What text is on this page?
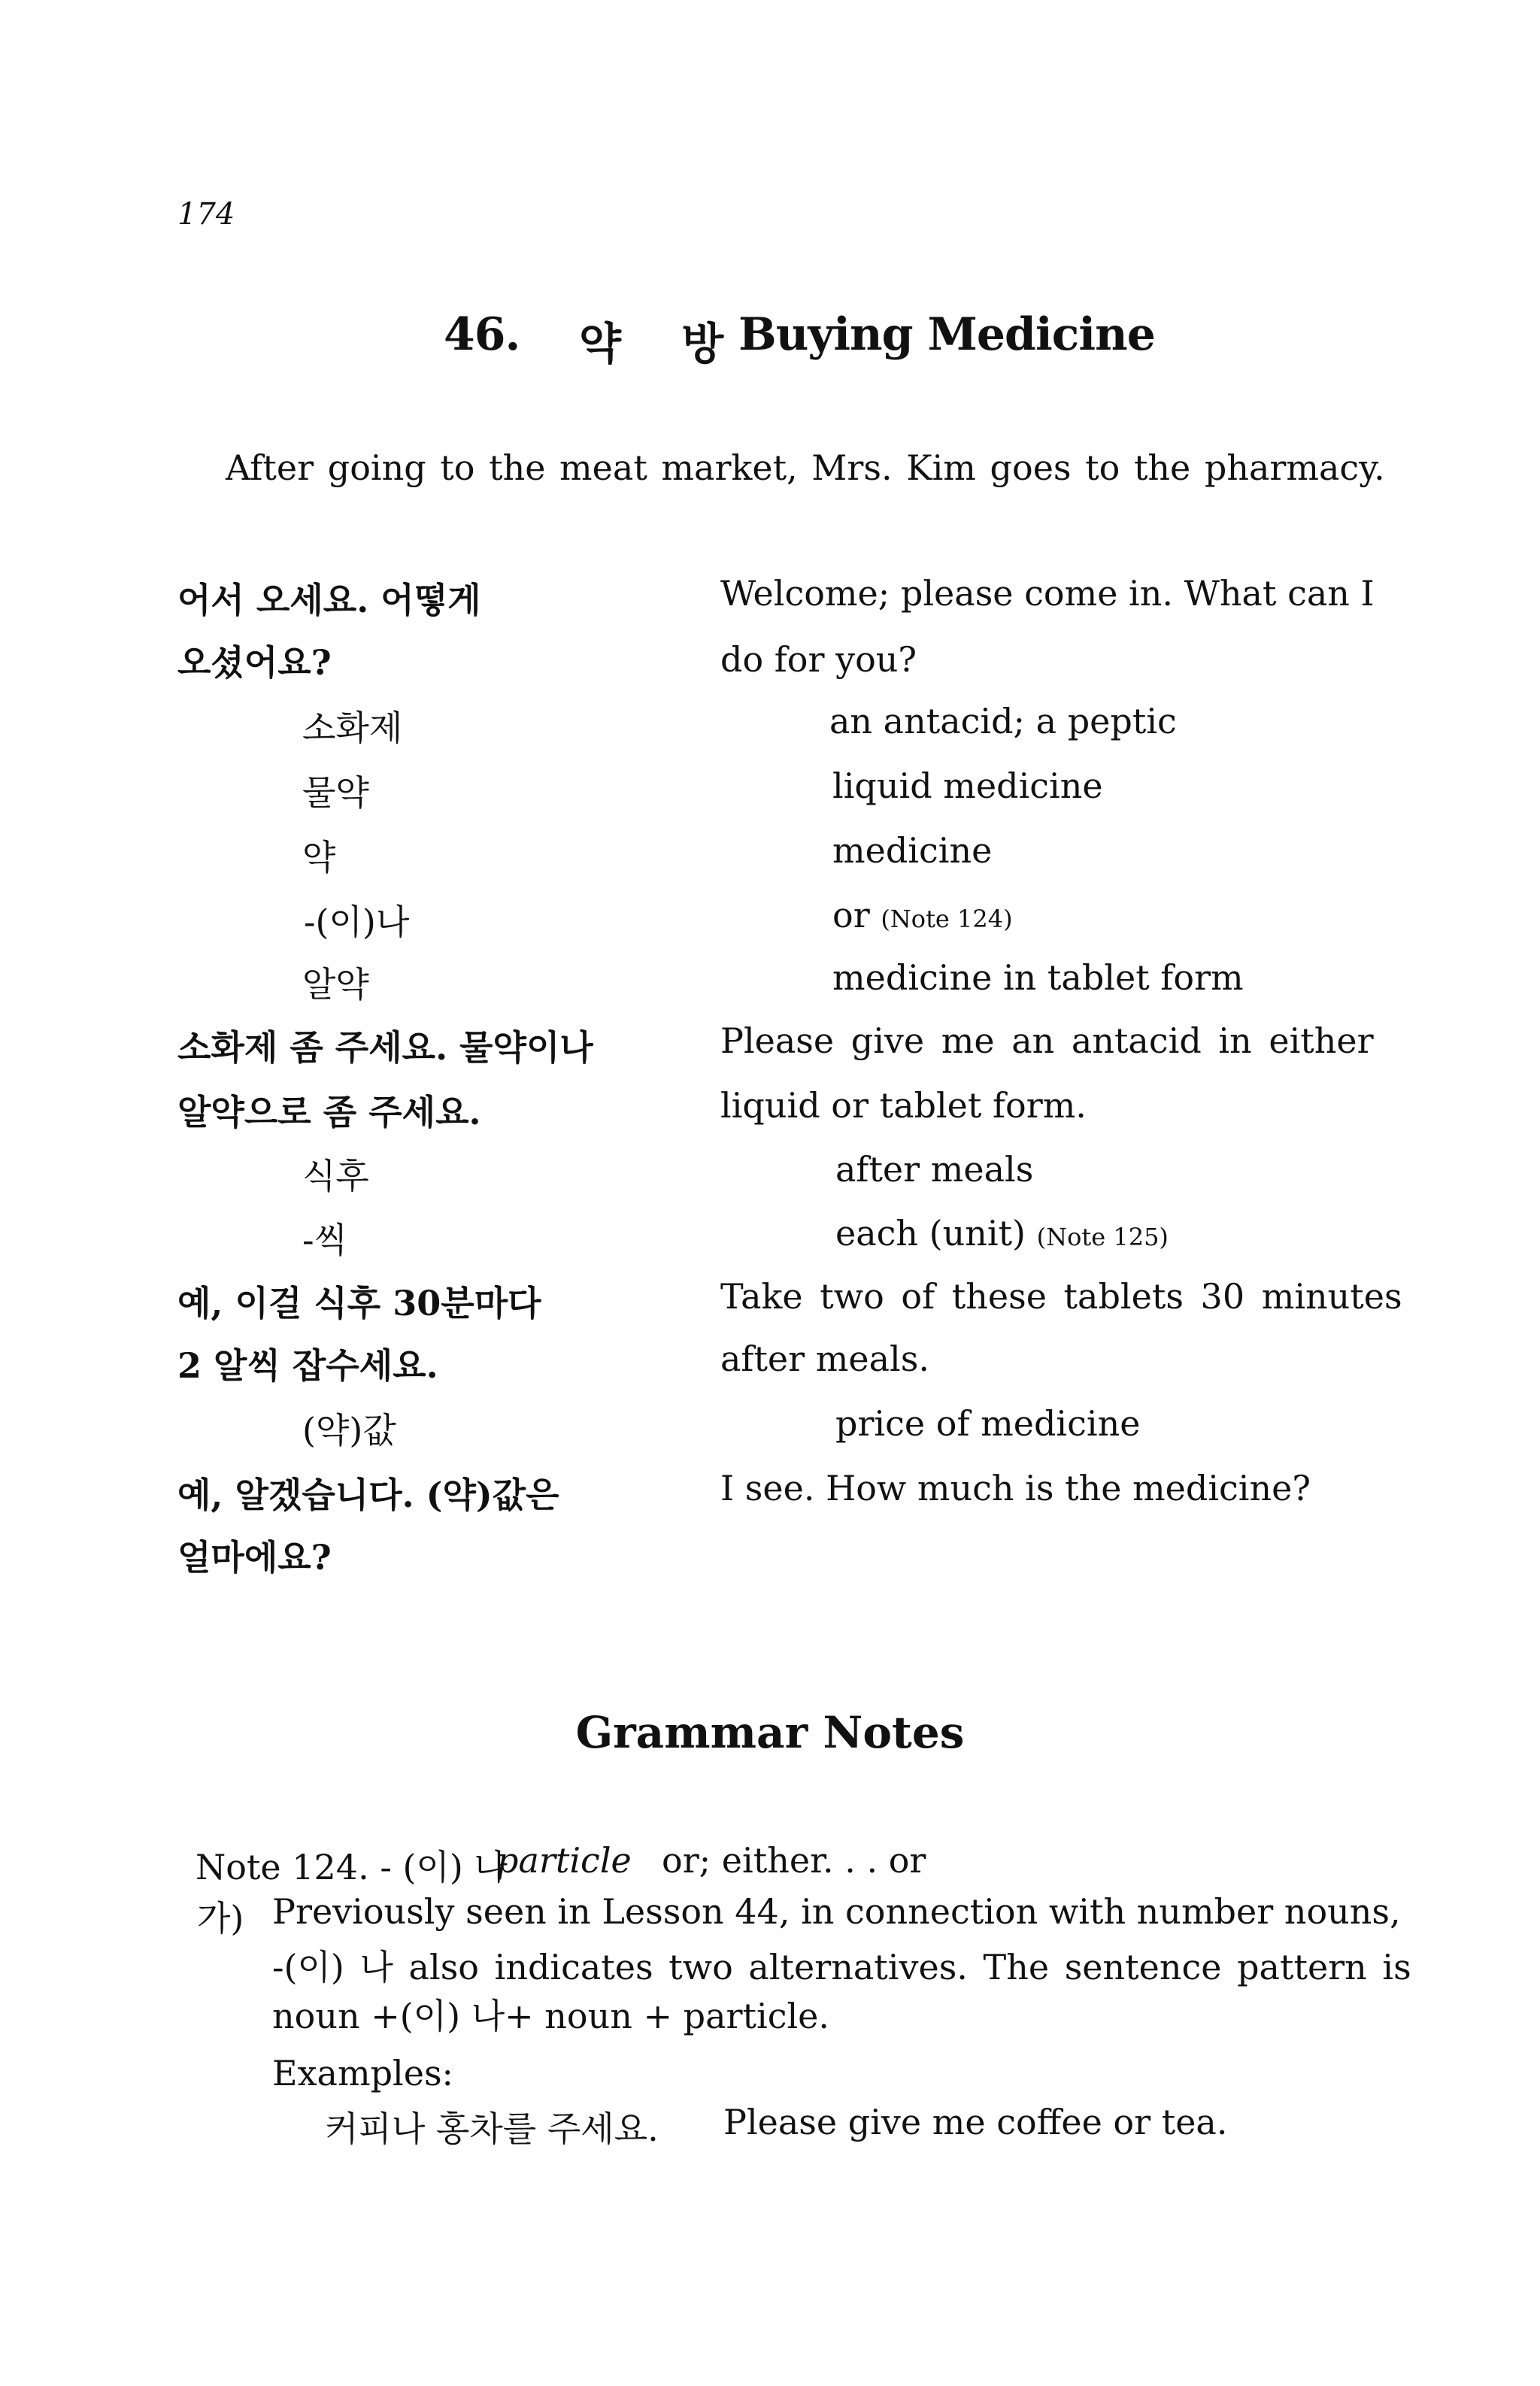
174
46. 약 방
Buying Medicine
After going to the meat market, Mrs. Kim goes to the pharmacy.
어서 오세요. 어떻게	Welcome; please come in. What can I
오셨어요?	do for you?
소화제	an antacid; a peptic
물약	liquid medicine
약	medicine
-(이)나	or (Note 124)
알약	medicine in tablet form
소화제 좀 주세요. 물약이나	Please give me an antacid in either
알약으로 좀 주세요.	liquid or tablet form.
식후	after meals
-씩	each (unit) (Note 125)
예, 이걸 식후 30분마다	Take two of these tablets 30 minutes
2 알씩 잡수세요.	after meals.
(약)값	price of medicine
예, 알겠습니다. (약)값은	I see. How much is the medicine?
얼마에요?
Grammar Notes
Note 124. - (이) 나
particle or; either. . . or
가) Previously seen in Lesson 44, in connection with number nouns,
-(이) 나 also indicates two alternatives. The sentence pattern is
noun +(이) 나+ noun + particle.
Examples:
커피나 홍차를 주세요. Please give me coffee or tea.
